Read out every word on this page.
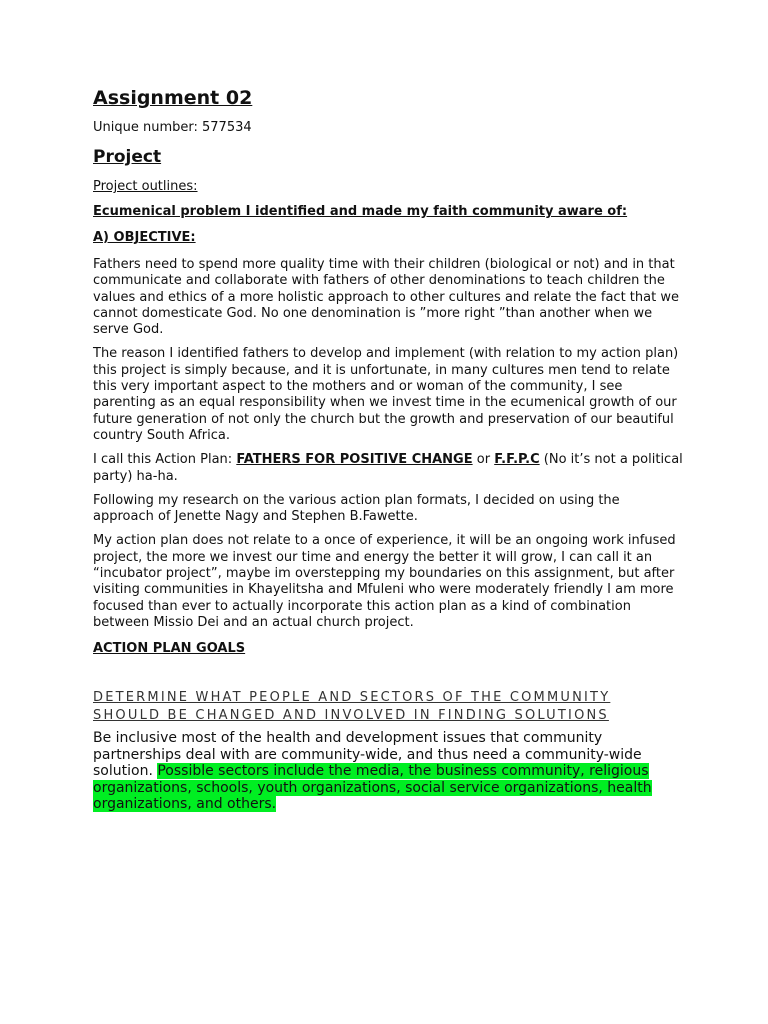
Assignment 02
Unique number: 577534
Project
Project outlines:
Ecumenical problem I identified and made my faith community aware of:
A) OBJECTIVE:
Fathers need to spend more quality time with their children (biological or not) and in that communicate and collaborate with fathers of other denominations to teach children the values and ethics of a more holistic approach to other cultures and relate the fact that we cannot domesticate God. No one denomination is ”more right ”than another when we serve God.
The reason I identified fathers to develop and implement (with relation to my action plan) this project is simply because, and it is unfortunate, in many cultures men tend to relate this very important aspect to the mothers and or woman of the community, I see parenting as an equal responsibility when we invest time in the ecumenical growth of our future generation of not only the church but the growth and preservation of our beautiful country South Africa.
I call this Action Plan: FATHERS FOR POSITIVE CHANGE or F.F.P.C (No it’s not a political party) ha-ha.
Following my research on the various action plan formats, I decided on using the approach of Jenette Nagy and Stephen B.Fawette.
My action plan does not relate to a once of experience, it will be an ongoing work infused project, the more we invest our time and energy the better it will grow, I can call it an “incubator project”, maybe im overstepping my boundaries on this assignment, but after visiting communities in Khayelitsha and Mfuleni who were moderately friendly I am more focused than ever to actually incorporate this action plan as a kind of combination between Missio Dei and an actual church project.
ACTION PLAN GOALS
DETERMINE WHAT PEOPLE AND SECTORS OF THE COMMUNITY SHOULD BE CHANGED AND INVOLVED IN FINDING SOLUTIONS
Be inclusive most of the health and development issues that community partnerships deal with are community-wide, and thus need a community-wide solution. Possible sectors include the media, the business community, religious organizations, schools, youth organizations, social service organizations, health organizations, and others.
